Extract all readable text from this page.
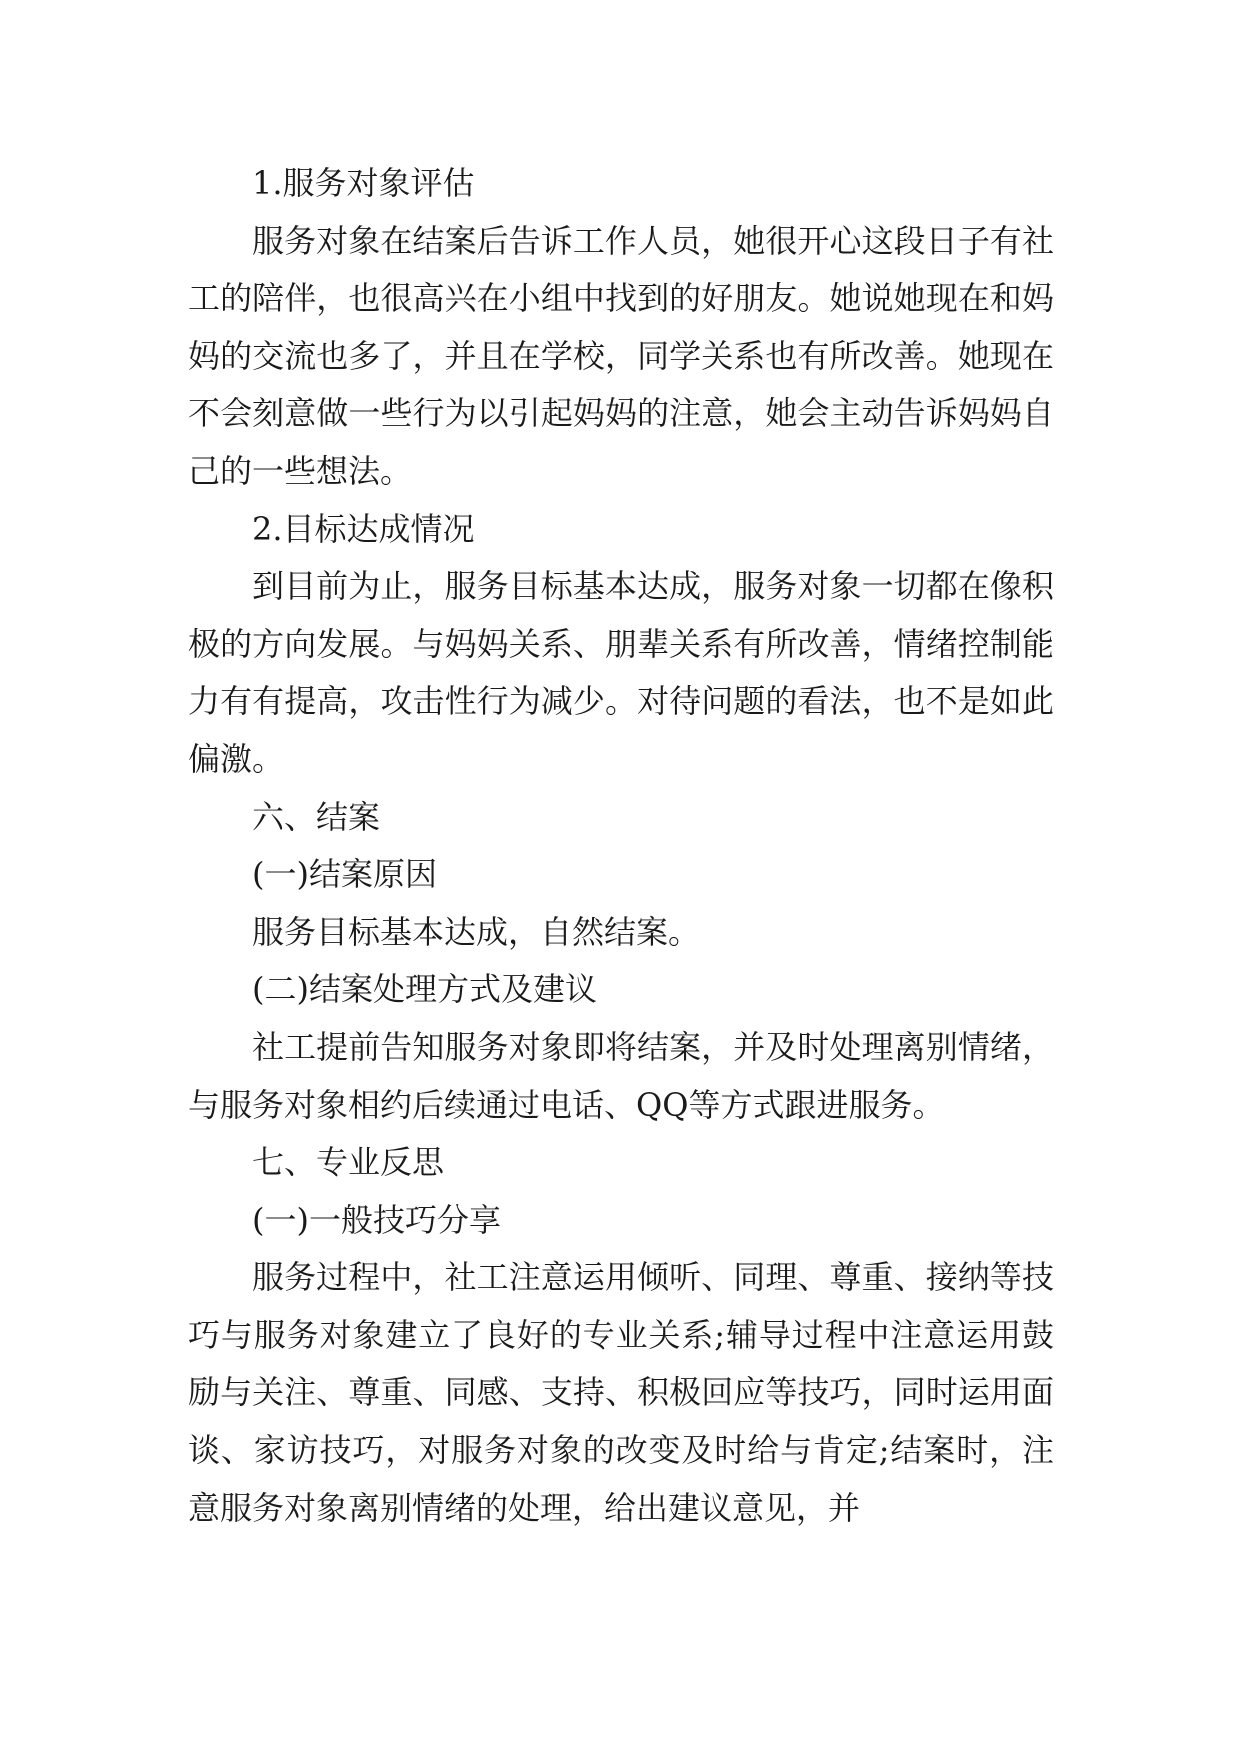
1.服务对象评估

服务对象在结案后告诉工作人员，她很开心这段日子有社工的陪伴，也很高兴在小组中找到的好朋友。她说她现在和妈妈的交流也多了，并且在学校，同学关系也有所改善。她现在不会刻意做一些行为以引起妈妈的注意，她会主动告诉妈妈自己的一些想法。

2.目标达成情况

到目前为止，服务目标基本达成，服务对象一切都在像积极的方向发展。与妈妈关系、朋辈关系有所改善，情绪控制能力有有提高，攻击性行为减少。对待问题的看法，也不是如此偏激。

六、结案

(一)结案原因

服务目标基本达成，自然结案。

(二)结案处理方式及建议

社工提前告知服务对象即将结案，并及时处理离别情绪，与服务对象相约后续通过电话、QQ等方式跟进服务。

七、专业反思

(一)一般技巧分享

服务过程中，社工注意运用倾听、同理、尊重、接纳等技巧与服务对象建立了良好的专业关系;辅导过程中注意运用鼓励与关注、尊重、同感、支持、积极回应等技巧，同时运用面谈、家访技巧，对服务对象的改变及时给与肯定;结案时，注意服务对象离别情绪的处理，给出建议意见，并
